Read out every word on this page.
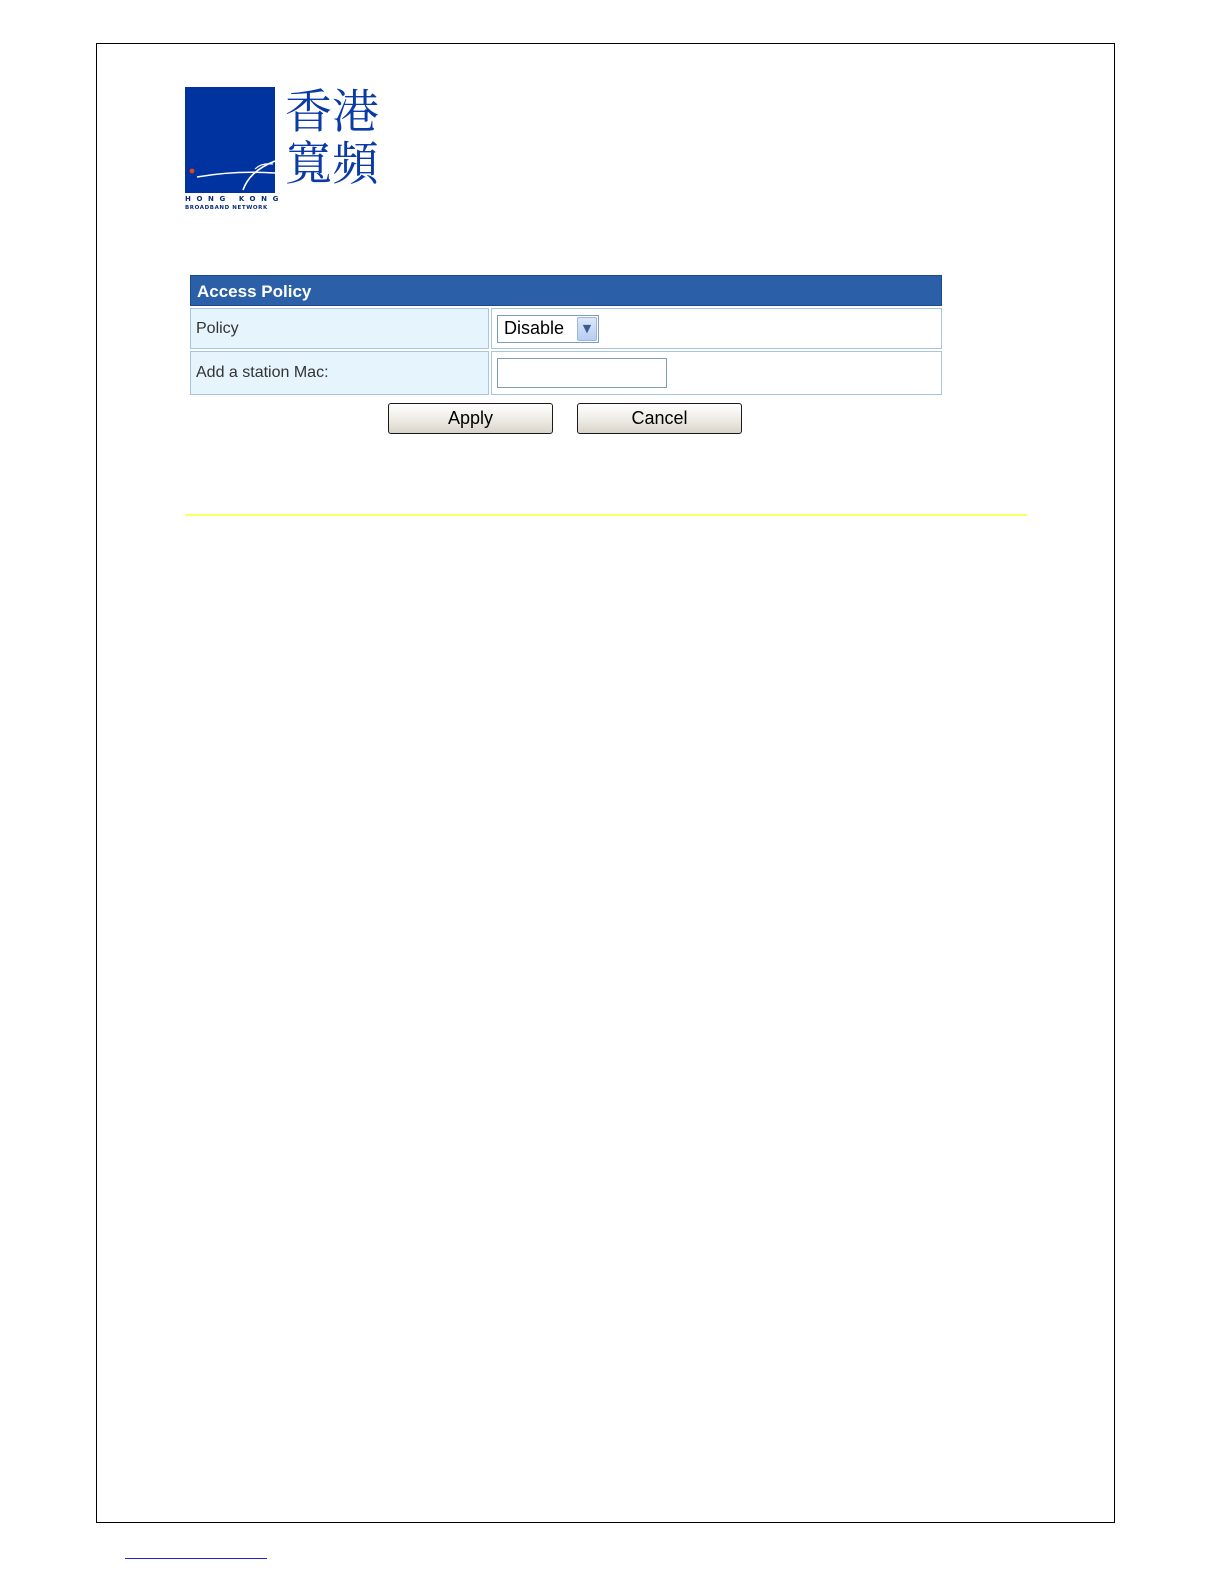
香港
寬頻
HONG KONG
BROADBAND NETWORK
Access Policy
Policy	Disable	▼
Add a station Mac:
Apply	Cancel
